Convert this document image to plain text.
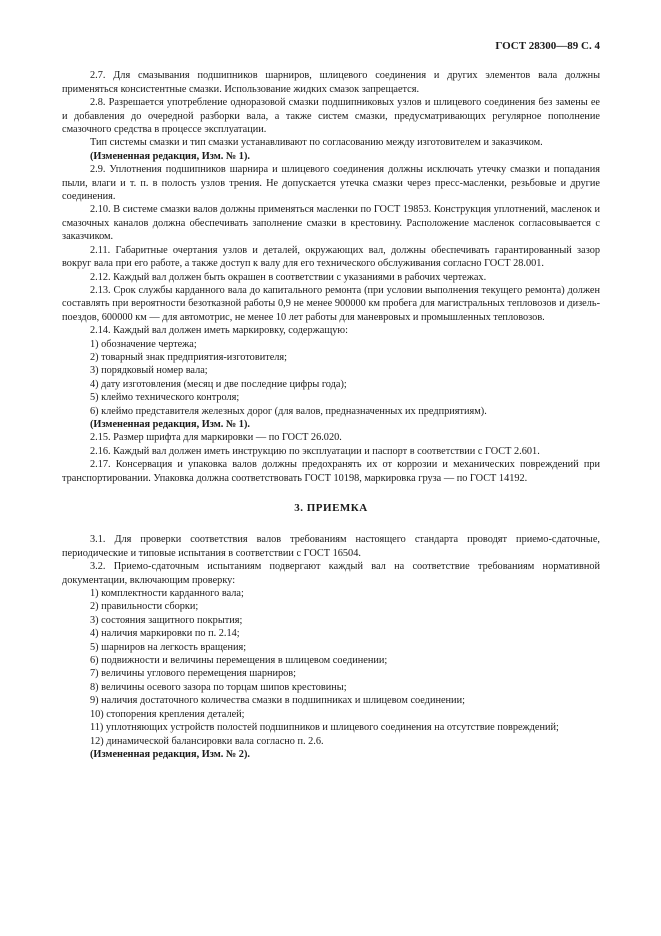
ГОСТ 28300—89 С. 4

2.7. Для смазывания подшипников шарниров, шлицевого соединения и других элементов вала должны применяться консистентные смазки. Использование жидких смазок запрещается.

2.8. Разрешается употребление одноразовой смазки подшипниковых узлов и шлицевого соединения без замены ее и добавления до очередной разборки вала, а также систем смазки, предусматривающих регулярное пополнение смазочного средства в процессе эксплуатации.

Тип системы смазки и тип смазки устанавливают по согласованию между изготовителем и заказчиком.

(Измененная редакция, Изм. № 1).

2.9. Уплотнения подшипников шарнира и шлицевого соединения должны исключать утечку смазки и попадания пыли, влаги и т. п. в полость узлов трения. Не допускается утечка смазки через пресс-масленки, резьбовые и другие соединения.

2.10. В системе смазки валов должны применяться масленки по ГОСТ 19853. Конструкция уплотнений, масленок и смазочных каналов должна обеспечивать заполнение смазки в крестовину. Расположение масленок согласовывается с заказчиком.

2.11. Габаритные очертания узлов и деталей, окружающих вал, должны обеспечивать гарантированный зазор вокруг вала при его работе, а также доступ к валу для его технического обслуживания согласно ГОСТ 28.001.

2.12. Каждый вал должен быть окрашен в соответствии с указаниями в рабочих чертежах.

2.13. Срок службы карданного вала до капитального ремонта (при условии выполнения текущего ремонта) должен составлять при вероятности безотказной работы 0,9 не менее 900000 км пробега для магистральных тепловозов и дизель-поездов, 600000 км — для автомотрис, не менее 10 лет работы для маневровых и промышленных тепловозов.

2.14. Каждый вал должен иметь маркировку, содержащую:

1) обозначение чертежа;

2) товарный знак предприятия-изготовителя;

3) порядковый номер вала;

4) дату изготовления (месяц и две последние цифры года);

5) клеймо технического контроля;

6) клеймо представителя железных дорог (для валов, предназначенных их предприятиям).

(Измененная редакция, Изм. № 1).

2.15. Размер шрифта для маркировки — по ГОСТ 26.020.

2.16. Каждый вал должен иметь инструкцию по эксплуатации и паспорт в соответствии с ГОСТ 2.601.

2.17. Консервация и упаковка валов должны предохранять их от коррозии и механических повреждений при транспортировании. Упаковка должна соответствовать ГОСТ 10198, маркировка груза — по ГОСТ 14192.

3. ПРИЕМКА

3.1. Для проверки соответствия валов требованиям настоящего стандарта проводят приемо-сдаточные, периодические и типовые испытания в соответствии с ГОСТ 16504.

3.2. Приемо-сдаточным испытаниям подвергают каждый вал на соответствие требованиям нормативной документации, включающим проверку:

1) комплектности карданного вала;

2) правильности сборки;

3) состояния защитного покрытия;

4) наличия маркировки по п. 2.14;

5) шарниров на легкость вращения;

6) подвижности и величины перемещения в шлицевом соединении;

7) величины углового перемещения шарниров;

8) величины осевого зазора по торцам шипов крестовины;

9) наличия достаточного количества смазки в подшипниках и шлицевом соединении;

10) стопорения крепления деталей;

11) уплотняющих устройств полостей подшипников и шлицевого соединения на отсутствие повреждений;

12) динамической балансировки вала согласно п. 2.6.

(Измененная редакция, Изм. № 2).
